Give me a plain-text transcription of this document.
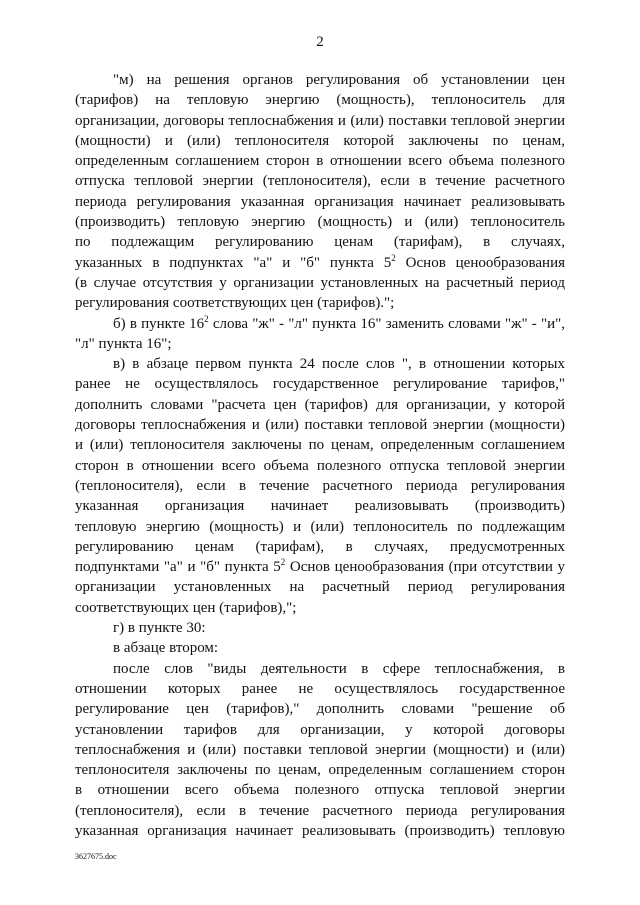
2
"м) на решения органов регулирования об установлении цен
(тарифов) на тепловую энергию (мощность), теплоноситель для
организации, договоры теплоснабжения и (или) поставки тепловой энергии
(мощности) и (или) теплоносителя которой заключены по ценам,
определенным соглашением сторон в отношении всего объема полезного
отпуска тепловой энергии (теплоносителя), если в течение расчетного
периода регулирования указанная организация начинает реализовывать
(производить) тепловую энергию (мощность) и (или) теплоноситель
по подлежащим регулированию ценам (тарифам), в случаях,
указанных в подпунктах "а" и "б" пункта $5^2$ Основ ценообразования
(в случае отсутствия у организации установленных на расчетный период
регулирования соответствующих цен (тарифов).";
б) в пункте $16^2$ слова "ж" - "л" пункта 16" заменить словами "ж" - "и",
"л" пункта 16";
в) в абзаце первом пункта 24 после слов ", в отношении которых
ранее не осуществлялось государственное регулирование тарифов,"
дополнить словами "расчета цен (тарифов) для организации, у которой
договоры теплоснабжения и (или) поставки тепловой энергии (мощности)
и (или) теплоносителя заключены по ценам, определенным соглашением
сторон в отношении всего объема полезного отпуска тепловой энергии
(теплоносителя), если в течение расчетного периода регулирования
указанная организация начинает реализовывать (производить)
тепловую энергию (мощность) и (или) теплоноситель по подлежащим
регулированию ценам (тарифам), в случаях, предусмотренных
подпунктами "а" и "б" пункта $5^2$ Основ ценообразования (при отсутствии у
организации установленных на расчетный период регулирования
соответствующих цен (тарифов),";
г) в пункте 30:
в абзаце втором:
после слов "виды деятельности в сфере теплоснабжения, в
отношении которых ранее не осуществлялось государственное
регулирование цен (тарифов)," дополнить словами "решение об
установлении тарифов для организации, у которой договоры
теплоснабжения и (или) поставки тепловой энергии (мощности) и (или)
теплоносителя заключены по ценам, определенным соглашением сторон
в отношении всего объема полезного отпуска тепловой энергии
(теплоносителя), если в течение расчетного периода регулирования
указанная организация начинает реализовывать (производить) тепловую
3627675.doc
